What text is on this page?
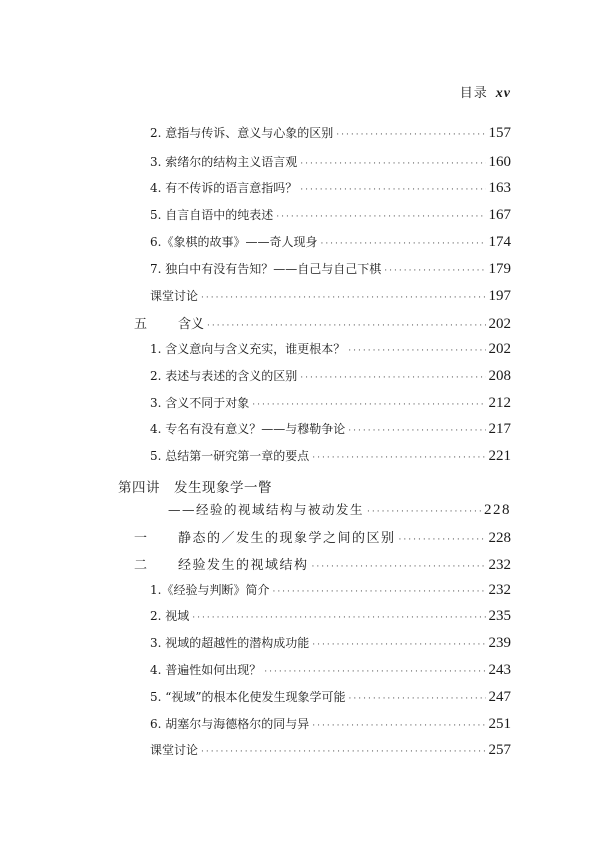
目录 xv
2. 意指与传诉、意义与心象的区别 ·····	157
3. 索绪尔的结构主义语言观 ·····	160
4. 有不传诉的语言意指吗？ ·····	163
5. 自言自语中的纯表述 ·····	167
6.《象棋的故事》——奇人现身 ·····	174
7. 独白中有没有告知？——自己与自己下棋 ·····	179
课堂讨论 ·····	197
五 含义 ·····	202
1. 含义意向与含义充实，谁更根本？ ·····	202
2. 表述与表述的含义的区别 ·····	208
3. 含义不同于对象 ·····	212
4. 专名有没有意义？——与穆勒争论 ·····	217
5. 总结第一研究第一章的要点 ·····	221
第四讲 发生现象学一瞥
——经验的视域结构与被动发生 ·····	228
一 静态的／发生的现象学之间的区别 ·····	228
二 经验发生的视域结构 ·····	232
1.《经验与判断》简介 ·····	232
2. 视域 ·····	235
3. 视域的超越性的潜构成功能 ·····	239
4. 普遍性如何出现？ ·····	243
5. “视域”的根本化使发生现象学可能 ·····	247
6. 胡塞尔与海德格尔的同与异 ·····	251
课堂讨论 ·····	257
